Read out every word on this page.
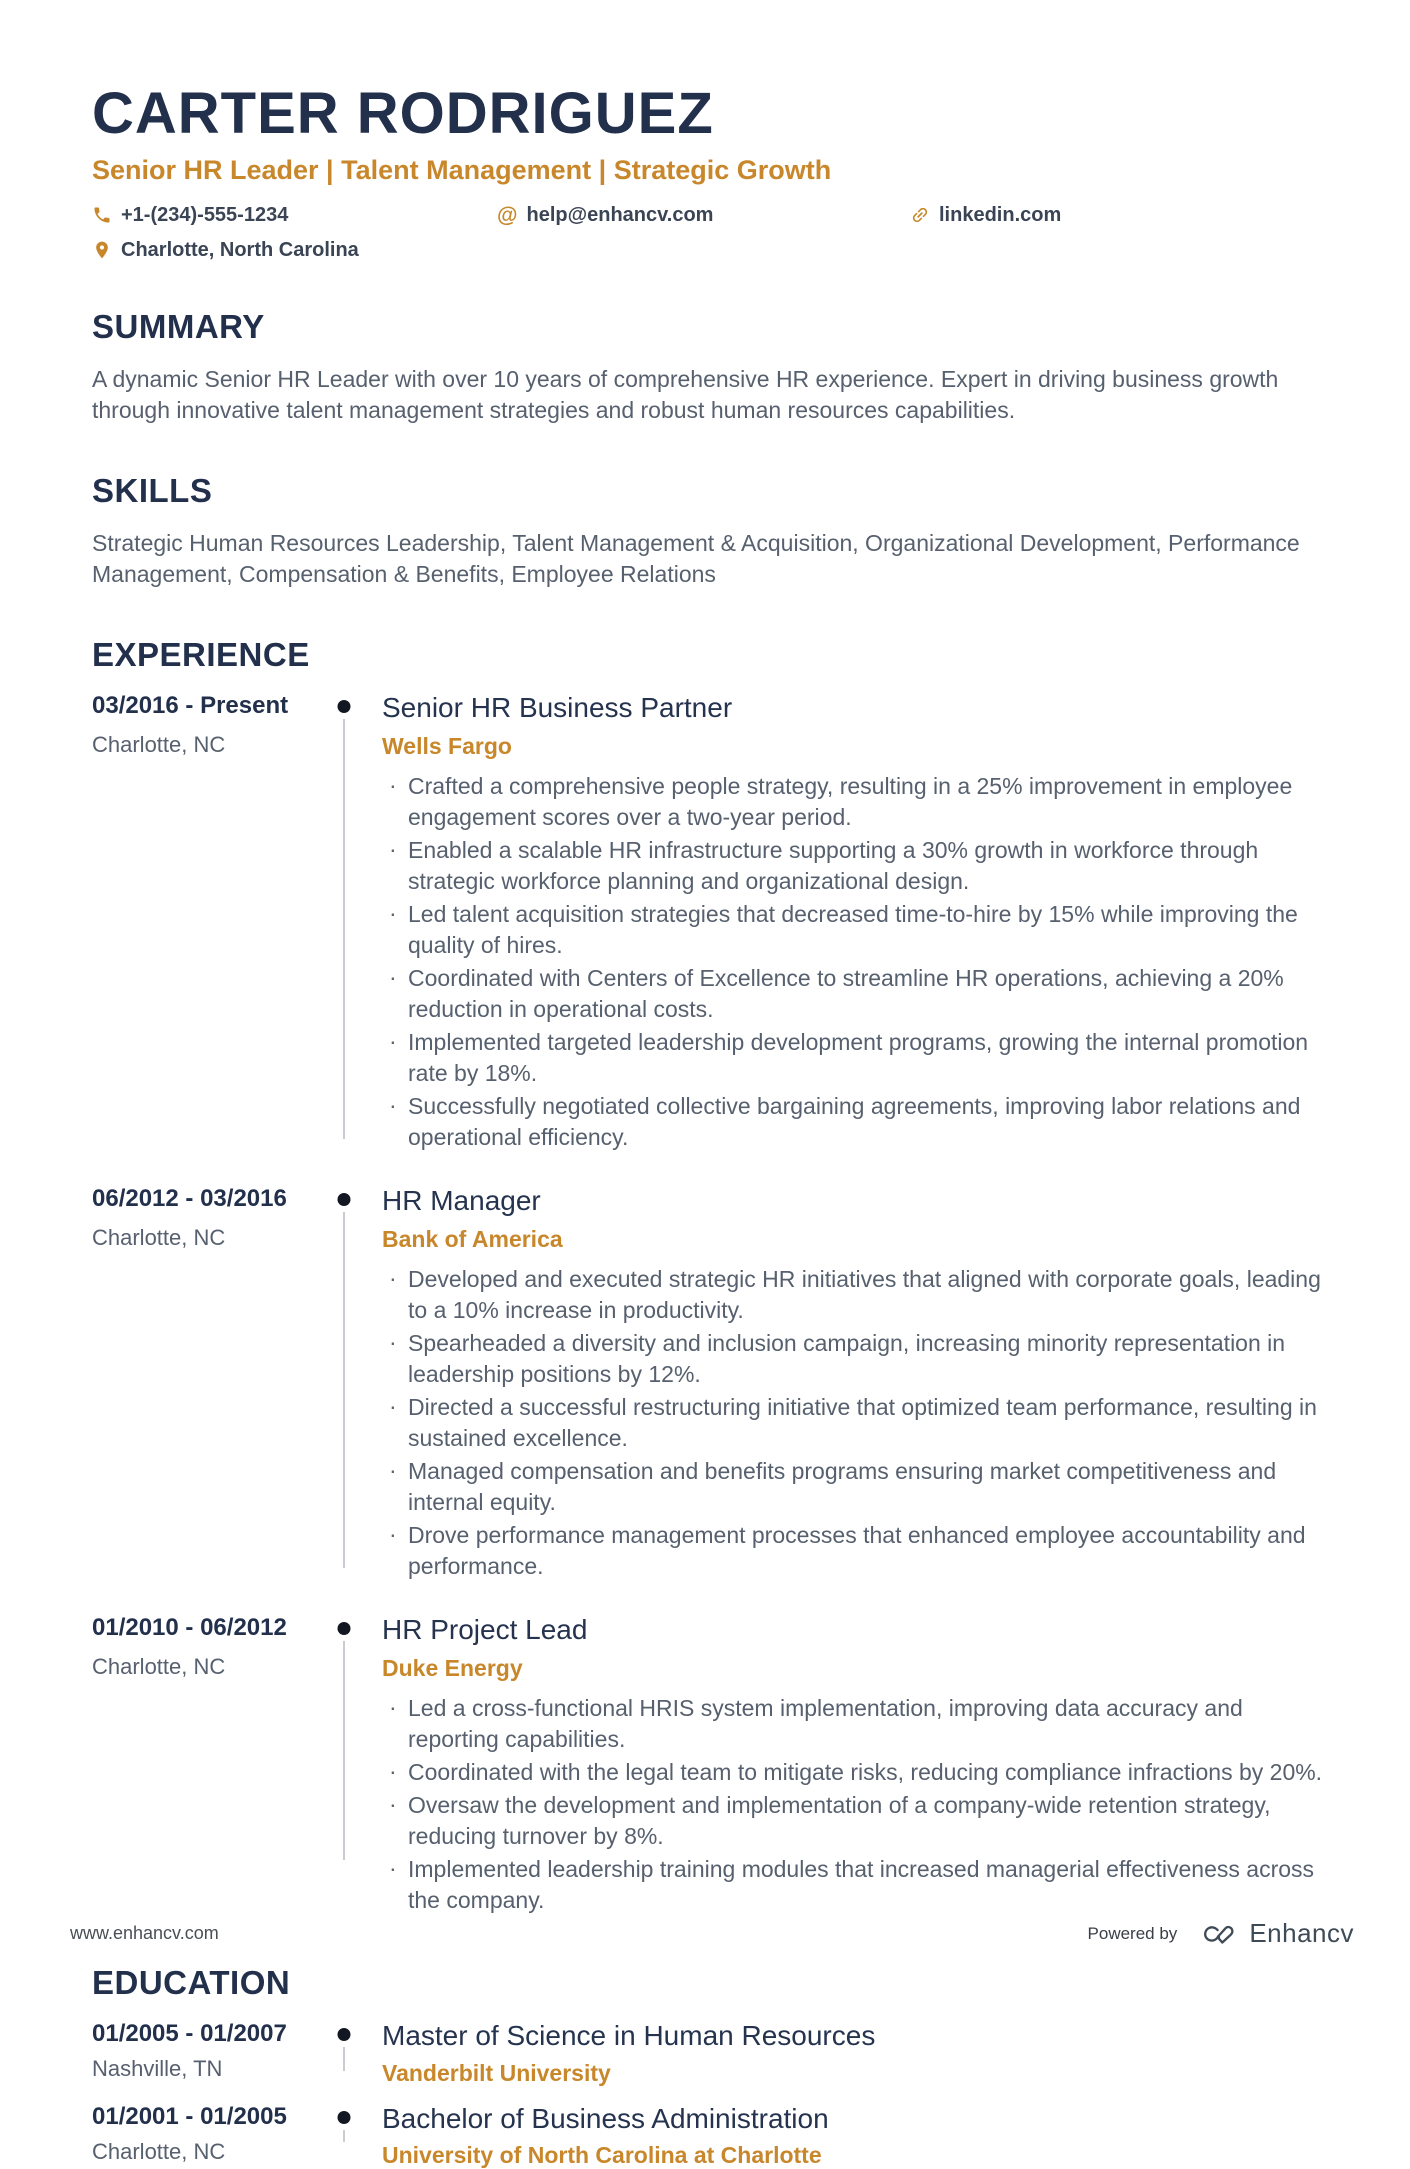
CARTER RODRIGUEZ
Senior HR Leader | Talent Management | Strategic Growth
+1-(234)-555-1234	@ help@enhancv.com	linkedin.com
Charlotte, North Carolina
SUMMARY

A dynamic Senior HR Leader with over 10 years of comprehensive HR experience. Expert in driving business growth through innovative talent management strategies and robust human resources capabilities.

SKILLS

Strategic Human Resources Leadership, Talent Management & Acquisition, Organizational Development, Performance Management, Compensation & Benefits, Employee Relations

EXPERIENCE
03/2016 - Present
Charlotte, NC
Senior HR Business Partner
Wells Fargo
· Crafted a comprehensive people strategy, resulting in a 25% improvement in employee engagement scores over a two-year period.
· Enabled a scalable HR infrastructure supporting a 30% growth in workforce through strategic workforce planning and organizational design.
· Led talent acquisition strategies that decreased time-to-hire by 15% while improving the quality of hires.
· Coordinated with Centers of Excellence to streamline HR operations, achieving a 20% reduction in operational costs.
· Implemented targeted leadership development programs, growing the internal promotion rate by 18%.
· Successfully negotiated collective bargaining agreements, improving labor relations and operational efficiency.
06/2012 - 03/2016
Charlotte, NC
HR Manager
Bank of America
· Developed and executed strategic HR initiatives that aligned with corporate goals, leading to a 10% increase in productivity.
· Spearheaded a diversity and inclusion campaign, increasing minority representation in leadership positions by 12%.
· Directed a successful restructuring initiative that optimized team performance, resulting in sustained excellence.
· Managed compensation and benefits programs ensuring market competitiveness and internal equity.
· Drove performance management processes that enhanced employee accountability and performance.
01/2010 - 06/2012
Charlotte, NC
HR Project Lead
Duke Energy
· Led a cross-functional HRIS system implementation, improving data accuracy and reporting capabilities.
· Coordinated with the legal team to mitigate risks, reducing compliance infractions by 20%.
· Oversaw the development and implementation of a company-wide retention strategy, reducing turnover by 8%.
· Implemented leadership training modules that increased managerial effectiveness across the company.
EDUCATION
01/2005 - 01/2007
Nashville, TN
Master of Science in Human Resources
Vanderbilt University
01/2001 - 01/2005
Charlotte, NC
Bachelor of Business Administration
University of North Carolina at Charlotte
www.enhancv.com	Powered by	Enhancv
